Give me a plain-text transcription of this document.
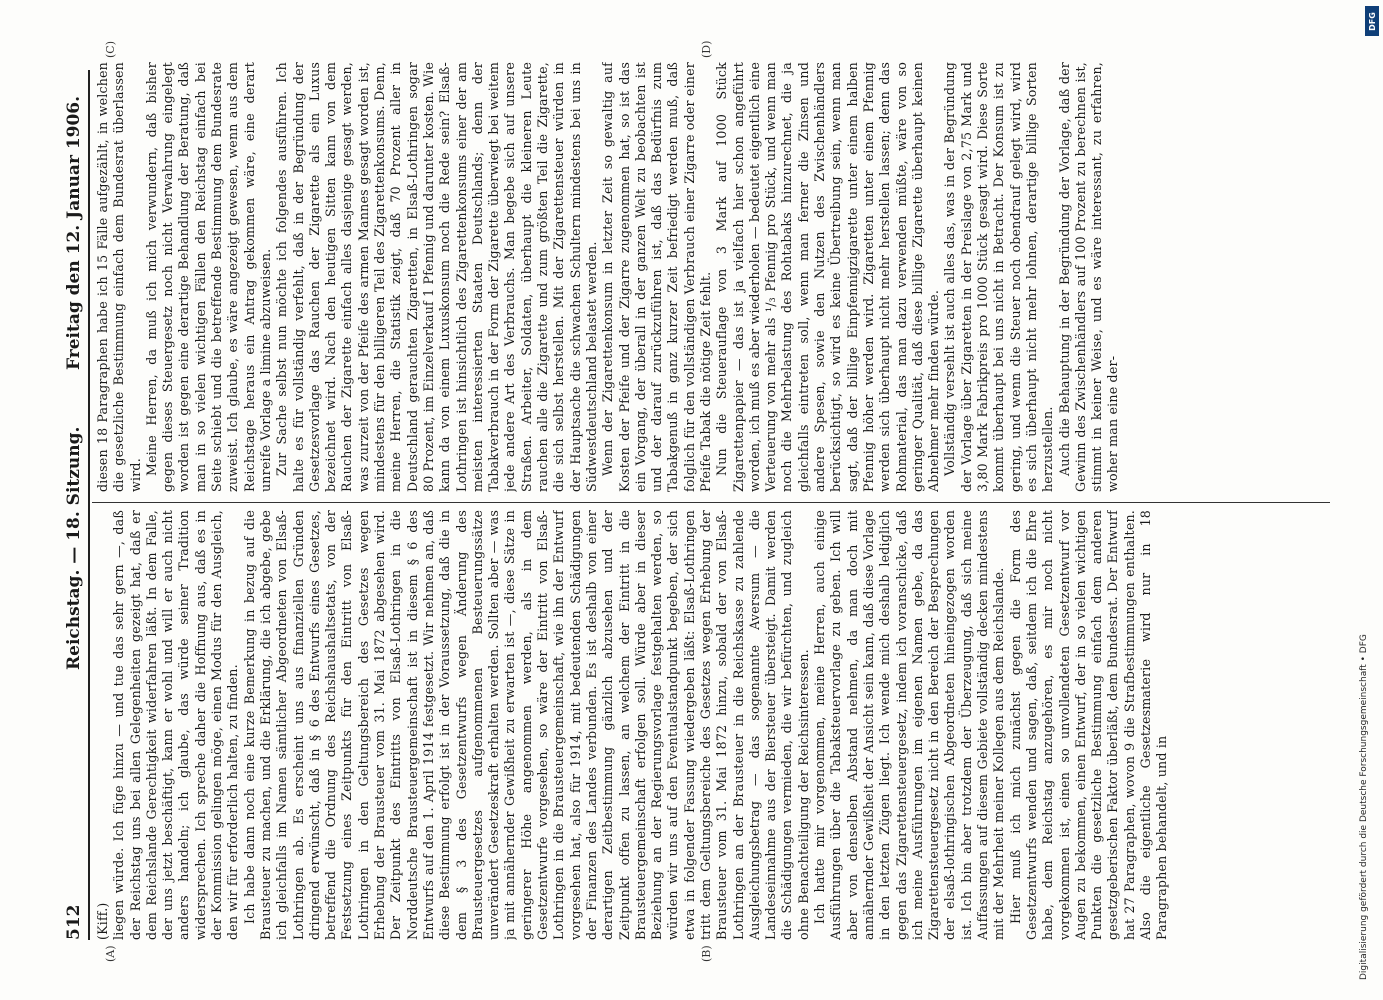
512
Reichstag. — 18. Sitzung.
Freitag den 12. Januar 1906.
(A)	(B)
(C)	(D)

(Kiff.) liegen würde. Ich füge hinzu — und tue das sehr gern —, daß der Reichstag uns bei allen Gelegenheiten gezeigt hat, daß er dem Reichslande Gerechtigkeit widerfahren läßt. In dem Falle, der uns jetzt beschäftigt, kann er wohl und will er auch nicht anders handeln; ich glaube, das würde seiner Tradition widersprechen. Ich spreche daher die Hoffnung aus, daß es in der Kommission gelingen möge, einen Modus für den Ausgleich, den wir für erforderlich halten, zu finden. Ich habe dann noch eine kurze Bemerkung in bezug auf die Brausteuer zu machen, und die Erklärung, die ich abgebe, gebe ich gleichfalls im Namen sämtlicher Abgeordneten von Elsaß-Lothringen ab. Es erscheint uns aus finanziellen Gründen dringend erwünscht, daß in § 6 des Entwurfs eines Gesetzes, betreffend die Ordnung des Reichshaushaltsetats, von der Festsetzung eines Zeitpunkts für den Eintritt von Elsaß-Lothringen in den Geltungsbereich des Gesetzes wegen Erhebung der Brausteuer vom 31. Mai 1872 abgesehen wird. Der Zeitpunkt des Eintritts von Elsaß-Lothringen in die Norddeutsche Brausteuergemeinschaft ist in diesem § 6 des Entwurfs auf den 1. April 1914 festgesetzt. Wir nehmen an, daß diese Bestimmung erfolgt ist in der Voraussetzung, daß die in dem § 3 des Gesetzentwurfs wegen Änderung des Brausteuergesetzes aufgenommenen Besteuerungssätze unverändert Gesetzeskraft erhalten werden. Sollten aber — was ja mit annähernder Gewißheit zu erwarten ist —, diese Sätze in geringerer Höhe angenommen werden, als in dem Gesetzentwurfe vorgesehen, so wäre der Eintritt von Elsaß-Lothringen in die Brausteuergemeinschaft, wie ihn der Entwurf vorgesehen hat, also für 1914, mit bedeutenden Schädigungen der Finanzen des Landes verbunden. Es ist deshalb von einer derartigen Zeitbestimmung gänzlich abzusehen und der Zeitpunkt offen zu lassen, an welchem der Eintritt in die Brausteuergemeinschaft erfolgen soll. Würde aber in dieser Beziehung an der Regierungsvorlage festgehalten werden, so würden wir uns auf den Eventualstandpunkt begeben, der sich etwa in folgender Fassung wiedergeben läßt: Elsaß-Lothringen tritt dem Geltungsbereiche des Gesetzes wegen Erhebung der Brausteuer vom 31. Mai 1872 hinzu, sobald der von Elsaß-Lothringen an der Brausteuer in die Reichskasse zu zahlende Ausgleichungsbetrag — das sogenannte Aversum — die Landeseinnahme aus der Biersteuer übersteigt. Damit werden die Schädigungen vermieden, die wir befürchten, und zugleich ohne Benachteiligung der Reichsinteressen. Ich hatte mir vorgenommen, meine Herren, auch einige Ausführungen über die Tabaksteuervorlage zu geben. Ich will aber von denselben Abstand nehmen, da man doch mit annähernder Gewißheit der Ansicht sein kann, daß diese Vorlage in den letzten Zügen liegt. Ich wende mich deshalb lediglich gegen das Zigarettensteuergesetz, indem ich voranschicke, daß ich meine Ausführungen im eigenen Namen gebe, da das Zigarettensteuergesetz nicht in den Bereich der Besprechungen der elsaß-lothringischen Abgeordneten hineingezogen worden ist. Ich bin aber trotzdem der Überzeugung, daß sich meine Auffassungen auf diesem Gebiete vollständig decken mindestens mit der Mehrheit meiner Kollegen aus dem Reichslande. Hier muß ich mich zunächst gegen die Form des Gesetzentwurfs wenden und sagen, daß, seitdem ich die Ehre habe, dem Reichstag anzugehören, es mir noch nicht vorgekommen ist, einen so unvollendeten Gesetzentwurf vor Augen zu bekommen, einen Entwurf, der in so vielen wichtigen Punkten die gesetzliche Bestimmung einfach dem anderen gesetzgeberischen Faktor überläßt, dem Bundesrat. Der Entwurf hat 27 Paragraphen, wovon 9 die Strafbestimmungen enthalten. Also die eigentliche Gesetzesmaterie wird nur in 18 Paragraphen behandelt, und in

diesen 18 Paragraphen habe ich 15 Fälle aufgezählt, in welchen die gesetzliche Bestimmung einfach dem Bundesrat überlassen wird. Meine Herren, da muß ich mich verwundern, daß bisher gegen dieses Steuergesetz noch nicht Verwahrung eingelegt worden ist gegen eine derartige Behandlung der Beratung, daß man in so vielen wichtigen Fällen den Reichstag einfach bei Seite schiebt und die betreffende Bestimmung dem Bundesrate zuweist. Ich glaube, es wäre angezeigt gewesen, wenn aus dem Reichstage heraus ein Antrag gekommen wäre, eine derart unreife Vorlage a limine abzuweisen. Zur Sache selbst nun möchte ich folgendes ausführen. Ich halte es für vollständig verfehlt, daß in der Begründung der Gesetzesvorlage das Rauchen der Zigarette als ein Luxus bezeichnet wird. Nach den heutigen Sitten kann von dem Rauchen der Zigarette einfach alles dasjenige gesagt werden, was zurzeit von der Pfeife des armen Mannes gesagt worden ist, mindestens für den billigeren Teil des Zigarettenkonsums. Denn, meine Herren, die Statistik zeigt, daß 70 Prozent aller in Deutschland gerauchten Zigaretten, in Elsaß-Lothringen sogar 80 Prozent, im Einzelverkauf 1 Pfennig und darunter kosten. Wie kann da von einem Luxuskonsum noch die Rede sein? Elsaß-Lothringen ist hinsichtlich des Zigarettenkonsums einer der am meisten interessierten Staaten Deutschlands; denn der Tabakverbrauch in der Form der Zigarette überwiegt bei weitem jede andere Art des Verbrauchs. Man begebe sich auf unsere Straßen. Arbeiter, Soldaten, überhaupt die kleineren Leute rauchen alle die Zigarette und zum größten Teil die Zigarette, die sich selbst herstellen. Mit der Zigarettensteuer würden in der Hauptsache die schwachen Schultern mindestens bei uns in Südwestdeutschland belastet werden. Wenn der Zigarettenkonsum in letzter Zeit so gewaltig auf Kosten der Pfeife und der Zigarre zugenommen hat, so ist das ein Vorgang, der überall in der ganzen Welt zu beobachten ist und der darauf zurückzuführen ist, daß das Bedürfnis zum Tabakgenuß in ganz kurzer Zeit befriedigt werden muß, daß folglich für den vollständigen Verbrauch einer Zigarre oder einer Pfeife Tabak die nötige Zeit fehlt. Nun die Steuerauflage von 3 Mark auf 1000 Stück Zigarettenpapier — das ist ja vielfach hier schon angeführt worden, ich muß es aber wiederholen — bedeutet eigentlich eine Verteuerung von mehr als ¹/₃ Pfennig pro Stück, und wenn man noch die Mehrbelastung des Rohtabaks hinzurechnet, die ja gleichfalls eintreten soll, wenn man ferner die Zinsen und andere Spesen, sowie den Nutzen des Zwischenhändlers berücksichtigt, so wird es keine Übertreibung sein, wenn man sagt, daß der billige Einpfennigzigarette unter einem halben Pfennig höher werden wird. Zigaretten unter einem Pfennig werden sich überhaupt nicht mehr herstellen lassen; denn das Rohmaterial, das man dazu verwenden müßte, wäre von so geringer Qualität, daß diese billige Zigarette überhaupt keinen Abnehmer mehr finden würde. Vollständig versehlt ist auch alles das, was in der Begründung der Vorlage über Zigaretten in der Preislage von 2,75 Mark und 3,80 Mark Fabrikpreis pro 1000 Stück gesagt wird. Diese Sorte kommt überhaupt bei uns nicht in Betracht. Der Konsum ist zu gering, und wenn die Steuer noch obendrauf gelegt wird, wird es sich überhaupt nicht mehr lohnen, derartige billige Sorten herzustellen. Auch die Behauptung in der Begründung der Vorlage, daß der Gewinn des Zwischenhändlers auf 100 Prozent zu berechnen ist, stimmt in keiner Weise, und es wäre interessant, zu erfahren, woher man eine der-

DFG
Digitalisierung gefördert durch die Deutsche Forschungsgemeinschaft • DFG
